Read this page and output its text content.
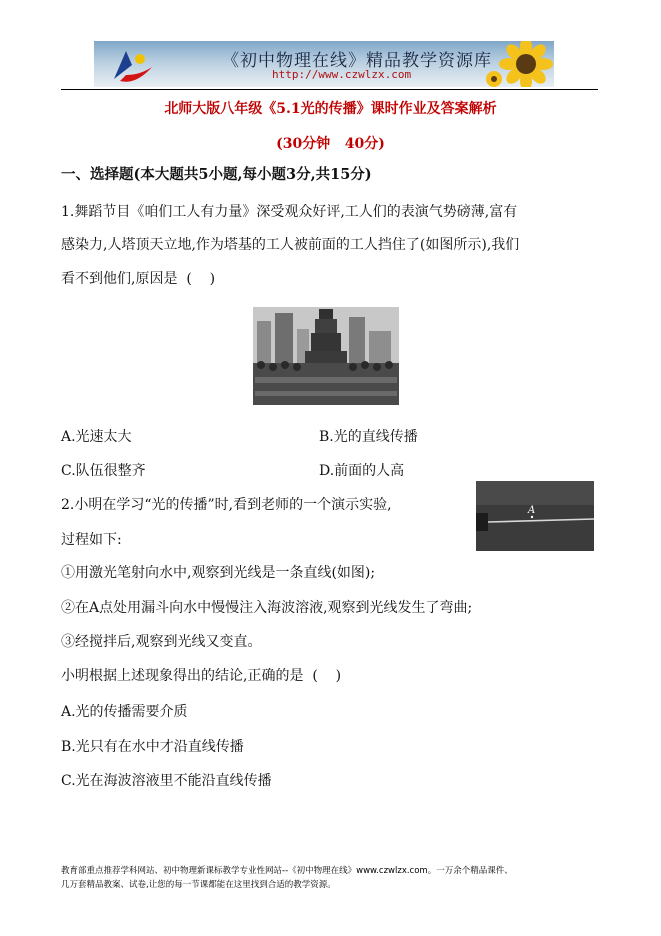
《初中物理在线》精品教学资源库
http://www.czwlzx.com
北师大版八年级《5.1光的传播》课时作业及答案解析
(30分钟   40分)
一、选择题(本大题共5小题,每小题3分,共15分)
1.舞蹈节目《咱们工人有力量》深受观众好评,工人们的表演气势磅薄,富有
感染力,人塔顶天立地,作为塔基的工人被前面的工人挡住了(如图所示),我们
看不到他们,原因是  (    )
A.光速太大	B.光的直线传播
C.队伍很整齐	D.前面的人高
2.小明在学习“光的传播”时,看到老师的一个演示实验,	A
过程如下:
①用激光笔射向水中,观察到光线是一条直线(如图);
②在A点处用漏斗向水中慢慢注入海波溶液,观察到光线发生了弯曲;
③经搅拌后,观察到光线又变直。
小明根据上述现象得出的结论,正确的是  (    )
A.光的传播需要介质
B.光只有在水中才沿直线传播
C.光在海波溶液里不能沿直线传播
教育部重点推荐学科网站、初中物理新课标教学专业性网站--《初中物理在线》www.czwlzx.com。一万余个精品课件、
几万套精品教案、试卷,让您的每一节课都能在这里找到合适的教学资源。
